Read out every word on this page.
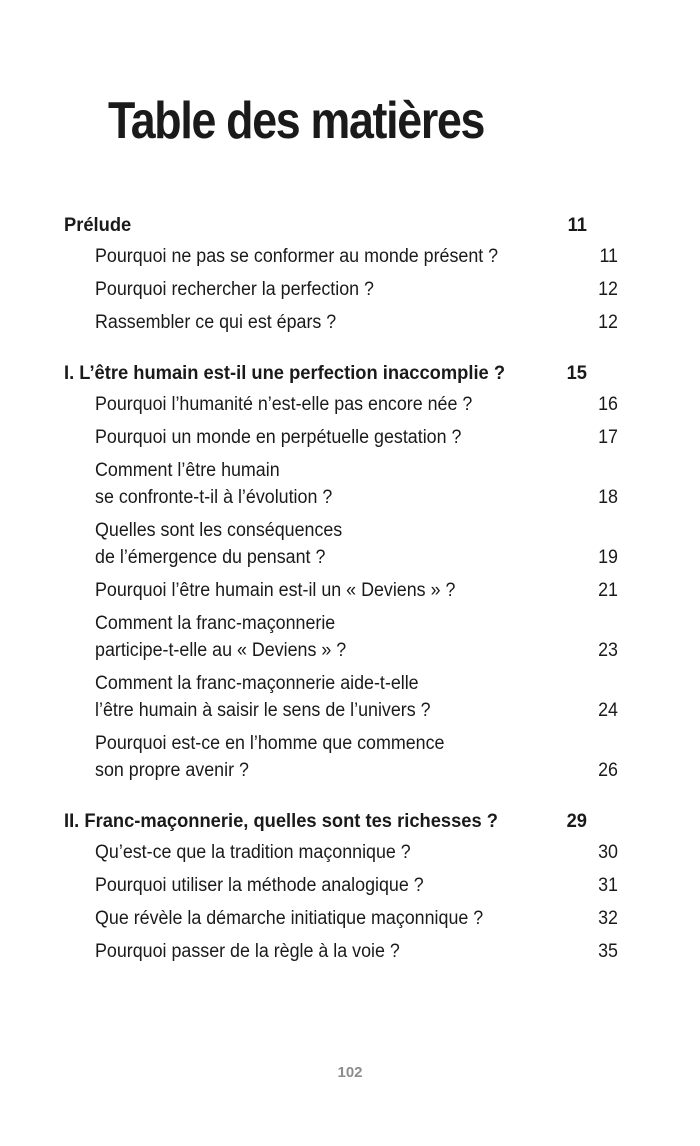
Table des matières
Prélude	11
Pourquoi ne pas se conformer au monde présent ?	11
Pourquoi rechercher la perfection ?	12
Rassembler ce qui est épars ?	12
I. L’être humain est-il une perfection inaccomplie ?	15
Pourquoi l’humanité n’est-elle pas encore née ?	16
Pourquoi un monde en perpétuelle gestation ?	17
Comment l’être humain
se confronte-t-il à l’évolution ?	18
Quelles sont les conséquences
de l’émergence du pensant ?	19
Pourquoi l’être humain est-il un « Deviens » ?	21
Comment la franc-maçonnerie
participe-t-elle au « Deviens » ?	23
Comment la franc-maçonnerie aide-t-elle
l’être humain à saisir le sens de l’univers ?	24
Pourquoi est-ce en l’homme que commence
son propre avenir ?	26
II. Franc-maçonnerie, quelles sont tes richesses ?	29
Qu’est-ce que la tradition maçonnique ?	30
Pourquoi utiliser la méthode analogique ?	31
Que révèle la démarche initiatique maçonnique ?	32
Pourquoi passer de la règle à la voie ?	35
102
